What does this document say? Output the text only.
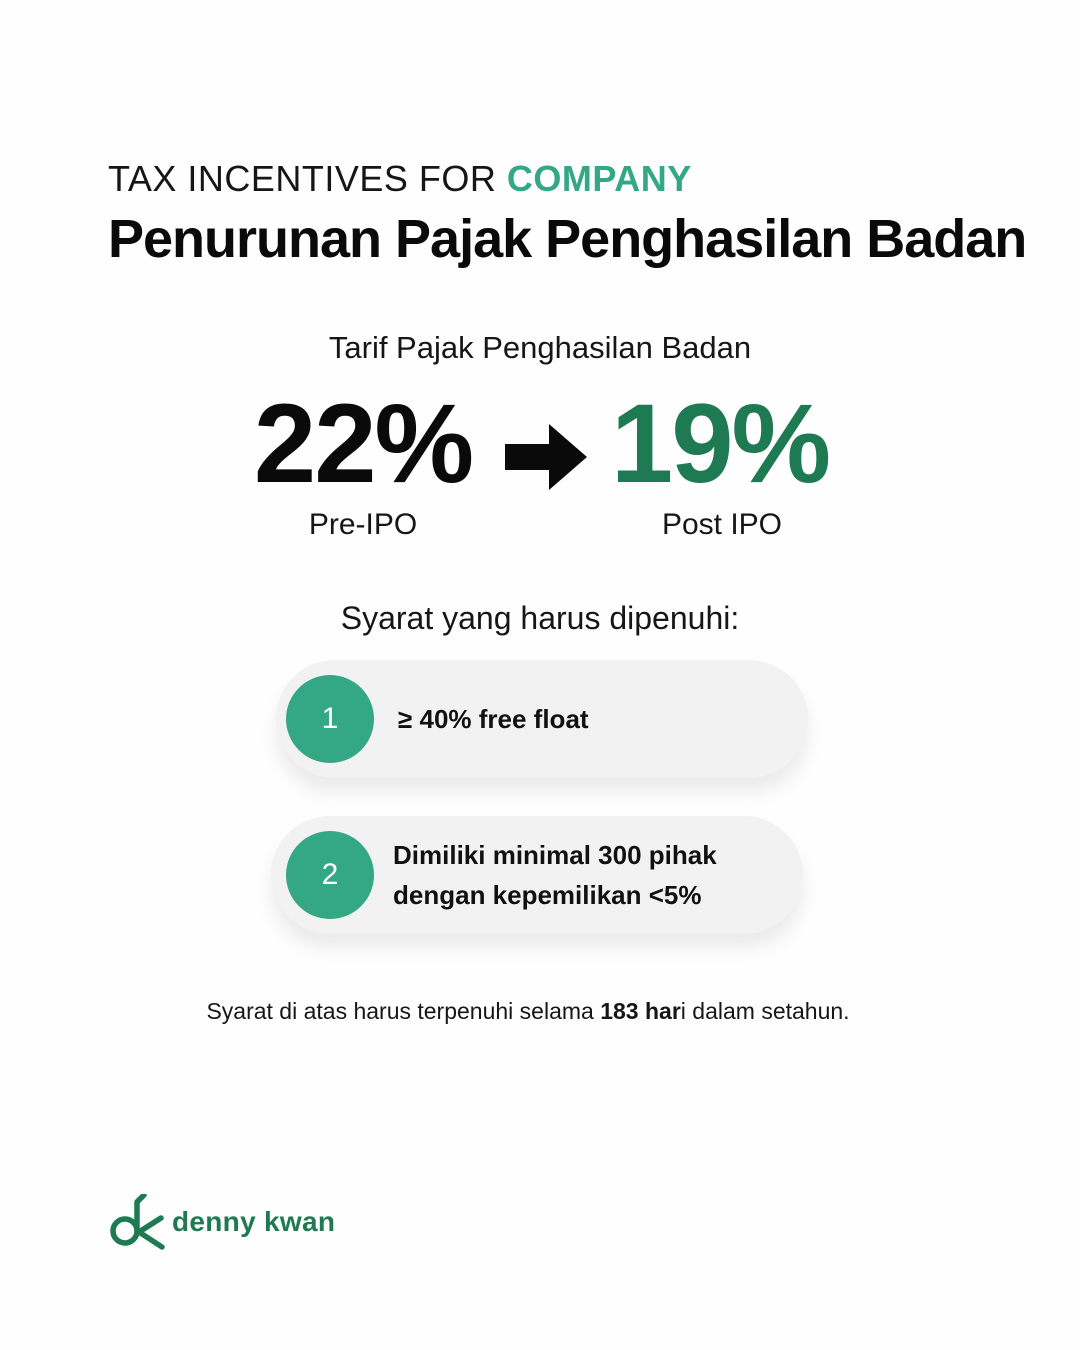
TAX INCENTIVES FOR COMPANY
Penurunan Pajak Penghasilan Badan
Tarif Pajak Penghasilan Badan
22% 19%
Pre-IPO	Post IPO
Syarat yang harus dipenuhi:
1	≥ 40% free float
2
Dimiliki minimal 300 pihak dengan kepemilikan <5%
Syarat di atas harus terpenuhi selama 183 hari dalam setahun.
denny kwan
